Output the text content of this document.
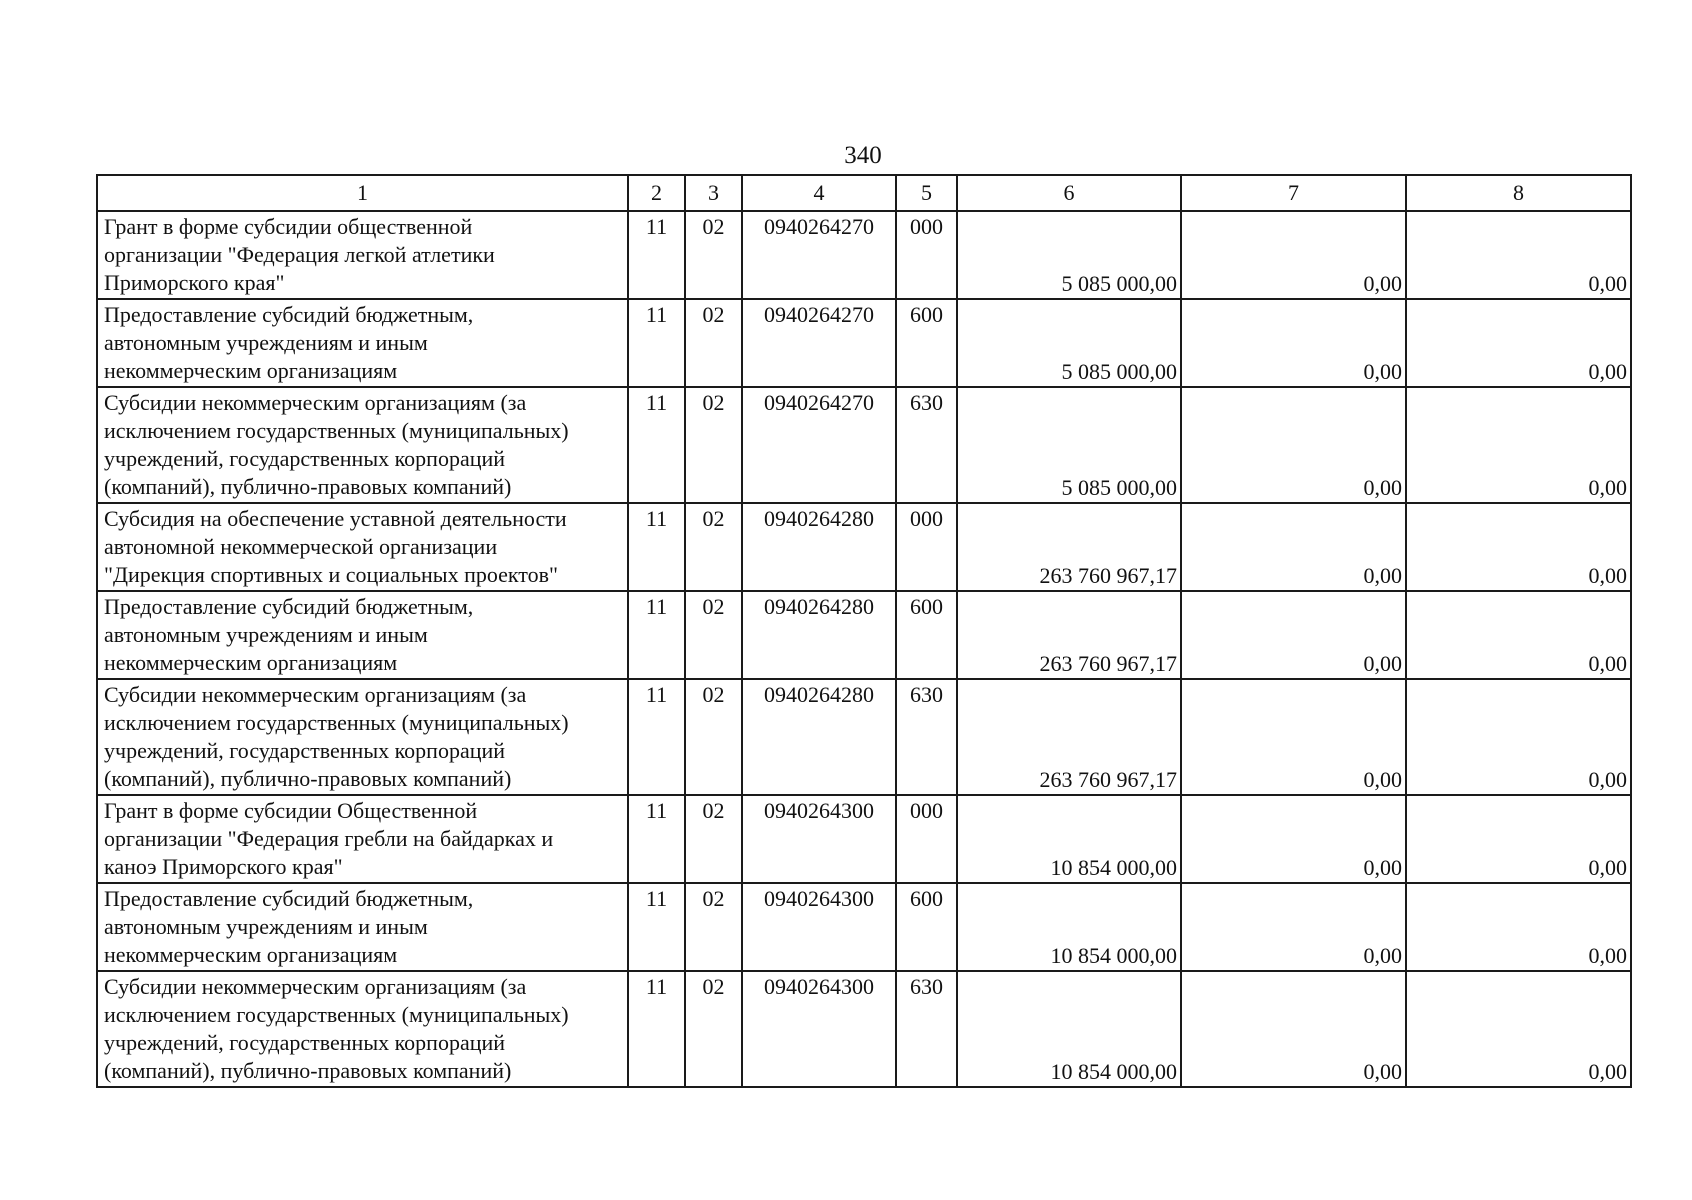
340
1	2	3	4	5	6	7	8
Грант в форме субсидии общественной
организации "Федерация легкой атлетики
Приморского края"	11	02	0940264270	000	5 085 000,00	0,00	0,00
Предоставление субсидий бюджетным,
автономным учреждениям и иным
некоммерческим организациям	11	02	0940264270	600	5 085 000,00	0,00	0,00
Субсидии некоммерческим организациям (за
исключением государственных (муниципальных)
учреждений, государственных корпораций
(компаний), публично-правовых компаний)	11	02	0940264270	630	5 085 000,00	0,00	0,00
Субсидия на обеспечение уставной деятельности
автономной некоммерческой организации
"Дирекция спортивных и социальных проектов"	11	02	0940264280	000	263 760 967,17	0,00	0,00
Предоставление субсидий бюджетным,
автономным учреждениям и иным
некоммерческим организациям	11	02	0940264280	600	263 760 967,17	0,00	0,00
Субсидии некоммерческим организациям (за
исключением государственных (муниципальных)
учреждений, государственных корпораций
(компаний), публично-правовых компаний)	11	02	0940264280	630	263 760 967,17	0,00	0,00
Грант в форме субсидии Общественной
организации "Федерация гребли на байдарках и
каноэ Приморского края"	11	02	0940264300	000	10 854 000,00	0,00	0,00
Предоставление субсидий бюджетным,
автономным учреждениям и иным
некоммерческим организациям	11	02	0940264300	600	10 854 000,00	0,00	0,00
Субсидии некоммерческим организациям (за
исключением государственных (муниципальных)
учреждений, государственных корпораций
(компаний), публично-правовых компаний)	11	02	0940264300	630	10 854 000,00	0,00	0,00
